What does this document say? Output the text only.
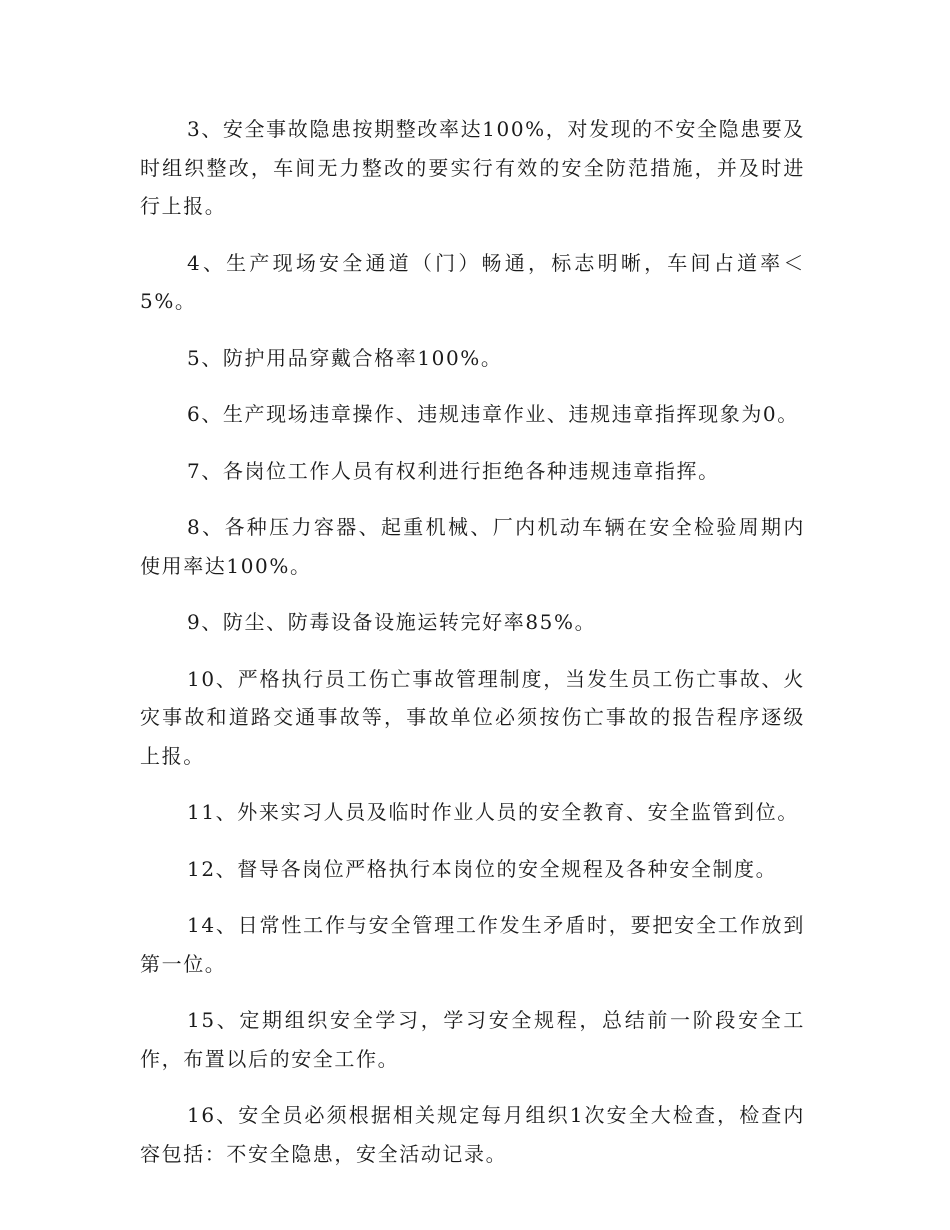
3、安全事故隐患按期整改率达100%，对发现的不安全隐患要及时组织整改，车间无力整改的要实行有效的安全防范措施，并及时进行上报。

4、生产现场安全通道（门）畅通，标志明晰，车间占道率＜5%。

5、防护用品穿戴合格率100%。

6、生产现场违章操作、违规违章作业、违规违章指挥现象为0。

7、各岗位工作人员有权利进行拒绝各种违规违章指挥。

8、各种压力容器、起重机械、厂内机动车辆在安全检验周期内使用率达100%。

9、防尘、防毒设备设施运转完好率85%。

10、严格执行员工伤亡事故管理制度，当发生员工伤亡事故、火灾事故和道路交通事故等，事故单位必须按伤亡事故的报告程序逐级上报。

11、外来实习人员及临时作业人员的安全教育、安全监管到位。

12、督导各岗位严格执行本岗位的安全规程及各种安全制度。

14、日常性工作与安全管理工作发生矛盾时，要把安全工作放到第一位。

15、定期组织安全学习，学习安全规程，总结前一阶段安全工作，布置以后的安全工作。

16、安全员必须根据相关规定每月组织1次安全大检查，检查内容包括：不安全隐患，安全活动记录。
